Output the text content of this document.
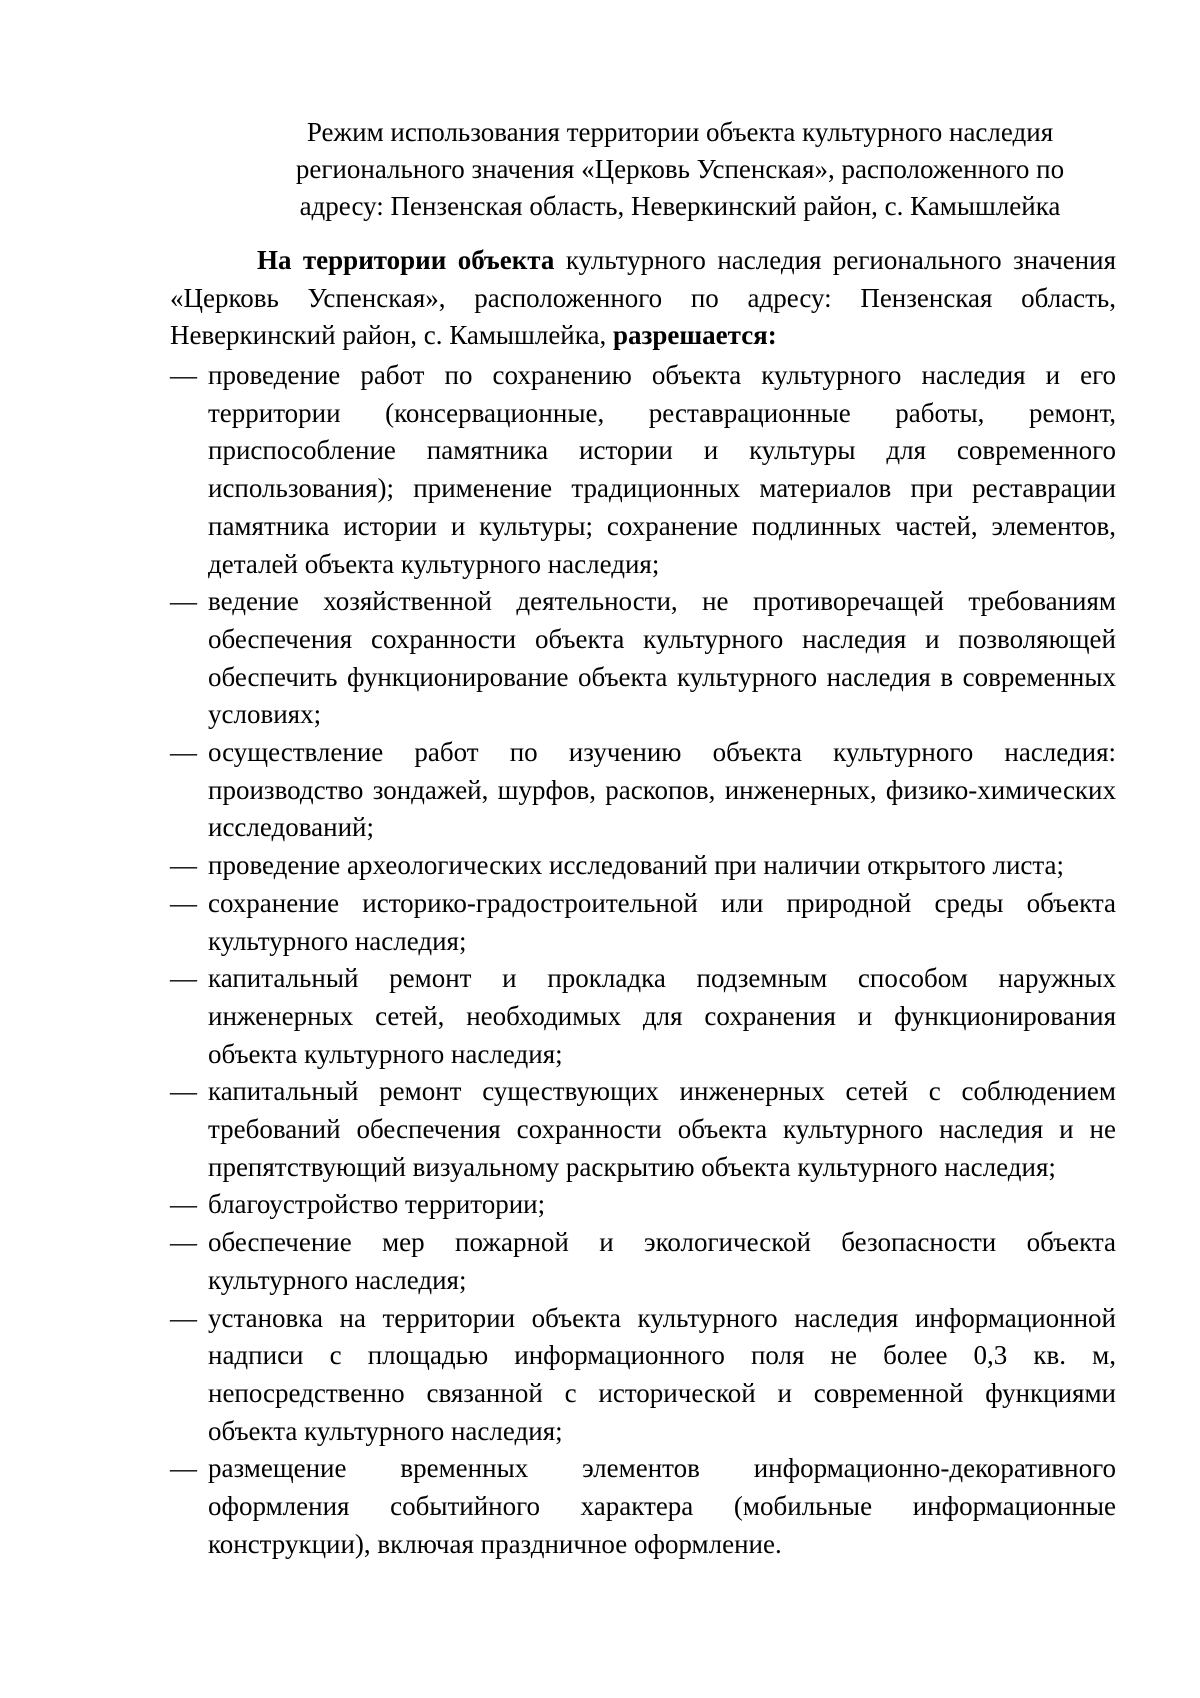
Режим использования территории объекта культурного наследия
регионального значения «Церковь Успенская», расположенного по
адресу: Пензенская область, Неверкинский район, с. Камышлейка

На территории объекта культурного наследия регионального значения «Церковь Успенская», расположенного по адресу: Пензенская область, Неверкинский район, с. Камышлейка, разрешается:

— проведение работ по сохранению объекта культурного наследия и его территории (консервационные, реставрационные работы, ремонт, приспособление памятника истории и культуры для современного использования); применение традиционных материалов при реставрации памятника истории и культуры; сохранение подлинных частей, элементов, деталей объекта культурного наследия;
— ведение хозяйственной деятельности, не противоречащей требованиям обеспечения сохранности объекта культурного наследия и позволяющей обеспечить функционирование объекта культурного наследия в современных условиях;
— осуществление работ по изучению объекта культурного наследия: производство зондажей, шурфов, раскопов, инженерных, физико-химических исследований;
— проведение археологических исследований при наличии открытого листа;
— сохранение историко-градостроительной или природной среды объекта культурного наследия;
— капитальный ремонт и прокладка подземным способом наружных инженерных сетей, необходимых для сохранения и функционирования объекта культурного наследия;
— капитальный ремонт существующих инженерных сетей с соблюдением требований обеспечения сохранности объекта культурного наследия и не препятствующий визуальному раскрытию объекта культурного наследия;
— благоустройство территории;
— обеспечение мер пожарной и экологической безопасности объекта культурного наследия;
— установка на территории объекта культурного наследия информационной надписи с площадью информационного поля не более 0,3 кв. м, непосредственно связанной с исторической и современной функциями объекта культурного наследия;
— размещение временных элементов информационно-декоративного оформления событийного характера (мобильные информационные конструкции), включая праздничное оформление.
